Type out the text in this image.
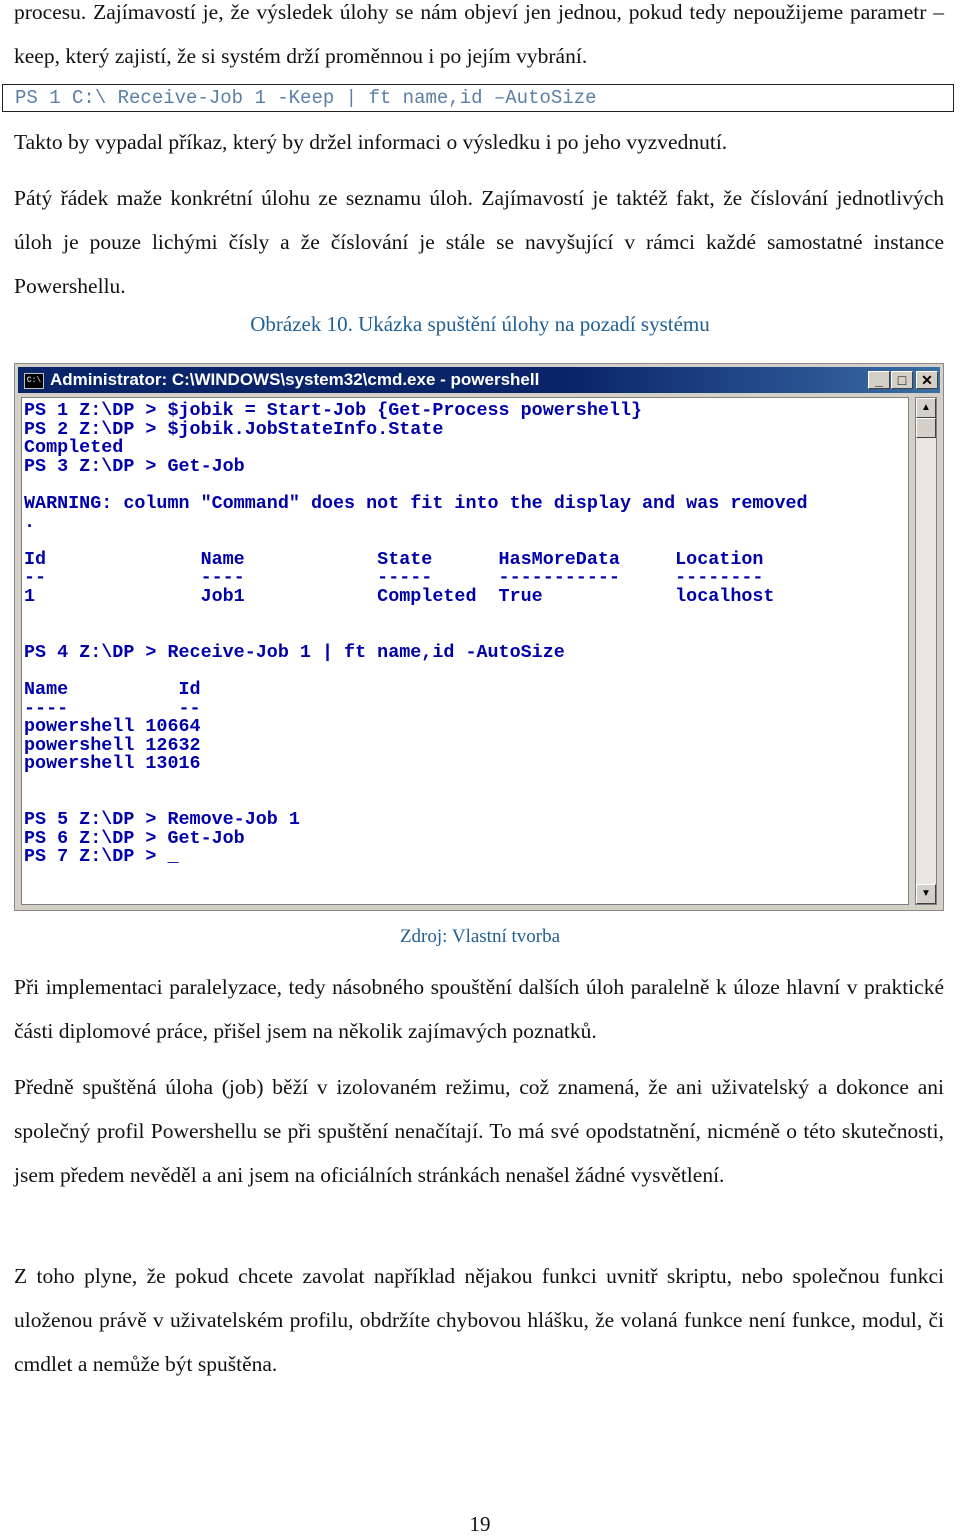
procesu. Zajímavostí je, že výsledek úlohy se nám objeví jen jednou, pokud tedy nepoužijeme parametr –keep, který zajistí, že si systém drží proměnnou i po jejím vybrání.
PS 1 C:\ Receive-Job 1 -Keep | ft name,id –AutoSize
Takto by vypadal příkaz, který by držel informaci o výsledku i po jeho vyzvednutí.
Pátý řádek maže konkrétní úlohu ze seznamu úloh. Zajímavostí je taktéž fakt, že číslování jednotlivých úloh je pouze lichými čísly a že číslování je stále se navyšující v rámci každé samostatné instance Powershellu.
Obrázek 10. Ukázka spuštění úlohy na pozadí systému
C:\ Administrator: C:\WINDOWS\system32\cmd.exe - powershell	_	□	✕
PS 1 Z:\DP > $jobik = Start-Job {Get-Process powershell}
PS 2 Z:\DP > $jobik.JobStateInfo.State
Completed
PS 3 Z:\DP > Get-Job

WARNING: column "Command" does not fit into the display and was removed
.

Id              Name            State      HasMoreData     Location
--              ----            -----      -----------     --------
1               Job1            Completed  True            localhost

PS 4 Z:\DP > Receive-Job 1 | ft name,id -AutoSize

Name          Id
----          --
powershell 10664
powershell 12632
powershell 13016

PS 5 Z:\DP > Remove-Job 1
PS 6 Z:\DP > Get-Job
PS 7 Z:\DP > _
▲
▼
Zdroj: Vlastní tvorba
Při implementaci paralelyzace, tedy násobného spouštění dalších úloh paralelně k úloze hlavní v praktické části diplomové práce, přišel jsem na několik zajímavých poznatků.
Předně spuštěná úloha (job) běží v izolovaném režimu, což znamená, že ani uživatelský a dokonce ani společný profil Powershellu se při spuštění nenačítají. To má své opodstatnění, nicméně o této skutečnosti, jsem předem nevěděl a ani jsem na oficiálních stránkách nenašel žádné vysvětlení.
Z toho plyne, že pokud chcete zavolat například nějakou funkci uvnitř skriptu, nebo společnou funkci uloženou právě v uživatelském profilu, obdržíte chybovou hlášku, že volaná funkce není funkce, modul, či cmdlet a nemůže být spuštěna.
19
